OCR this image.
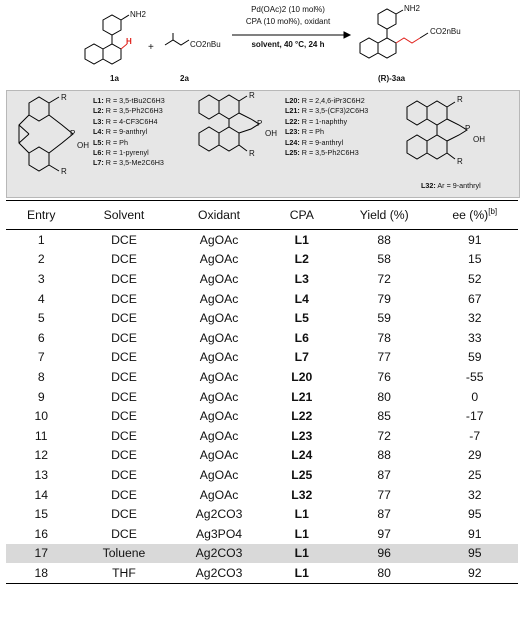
NH2
H
+	CO2nBu
1a	2a
Pd(OAc)2 (10 mol%)
CPA (10 mol%), oxidant
solvent, 40 °C, 24 h
NH2
CO2nBu
(R)-3aa
R
R
P
OH
R
R
P
OH
R
R
P
OH
L1: R = 3,5-tBu2C6H3
L2: R = 3,5-Ph2C6H3
L3: R = 4-CF3C6H4
L4: R = 9-anthryl
L5: R = Ph
L6: R = 1-pyrenyl
L7: R = 3,5-Me2C6H3
L20: R = 2,4,6-iPr3C6H2
L21: R = 3,5-(CF3)2C6H3
L22: R = 1-naphthy
L23: R = Ph
L24: R = 9-anthryl
L25: R = 3,5-Ph2C6H3
L32: Ar = 9-anthryl
Entry	Solvent	Oxidant	CPA	Yield (%)	ee (%)[b]
1	DCE	AgOAc	L1	88	91
2	DCE	AgOAc	L2	58	15
3	DCE	AgOAc	L3	72	52
4	DCE	AgOAc	L4	79	67
5	DCE	AgOAc	L5	59	32
6	DCE	AgOAc	L6	78	33
7	DCE	AgOAc	L7	77	59
8	DCE	AgOAc	L20	76	-55
9	DCE	AgOAc	L21	80	0
10	DCE	AgOAc	L22	85	-17
11	DCE	AgOAc	L23	72	-7
12	DCE	AgOAc	L24	88	29
13	DCE	AgOAc	L25	87	25
14	DCE	AgOAc	L32	77	32
15	DCE	Ag2CO3	L1	87	95
16	DCE	Ag3PO4	L1	97	91
17	Toluene	Ag2CO3	L1	96	95
18	THF	Ag2CO3	L1	80	92
